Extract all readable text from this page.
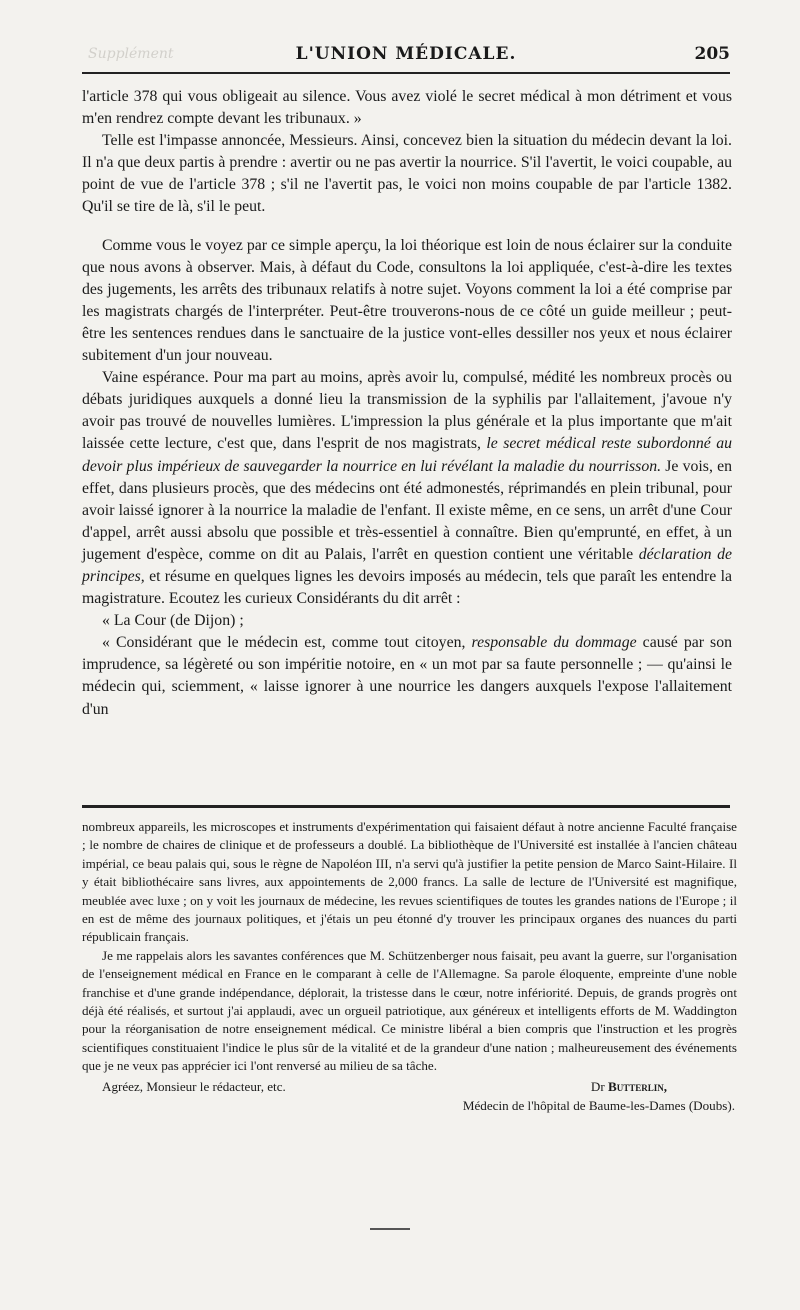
Supplément	L'UNION MÉDICALE.	205

l'article 378 qui vous obligeait au silence. Vous avez violé le secret médical à mon détriment et vous m'en rendrez compte devant les tribunaux. »

Telle est l'impasse annoncée, Messieurs. Ainsi, concevez bien la situation du médecin devant la loi. Il n'a que deux partis à prendre : avertir ou ne pas avertir la nourrice. S'il l'avertit, le voici coupable, au point de vue de l'article 378 ; s'il ne l'avertit pas, le voici non moins coupable de par l'article 1382. Qu'il se tire de là, s'il le peut.

Comme vous le voyez par ce simple aperçu, la loi théorique est loin de nous éclairer sur la conduite que nous avons à observer. Mais, à défaut du Code, consultons la loi appliquée, c'est-à-dire les textes des jugements, les arrêts des tribunaux relatifs à notre sujet. Voyons comment la loi a été comprise par les magistrats chargés de l'interpréter. Peut-être trouverons-nous de ce côté un guide meilleur ; peut-être les sentences rendues dans le sanctuaire de la justice vont-elles dessiller nos yeux et nous éclairer subitement d'un jour nouveau.

Vaine espérance. Pour ma part au moins, après avoir lu, compulsé, médité les nombreux procès ou débats juridiques auxquels a donné lieu la transmission de la syphilis par l'allaitement, j'avoue n'y avoir pas trouvé de nouvelles lumières. L'impression la plus générale et la plus importante que m'ait laissée cette lecture, c'est que, dans l'esprit de nos magistrats, le secret médical reste subordonné au devoir plus impérieux de sauvegarder la nourrice en lui révélant la maladie du nourrisson. Je vois, en effet, dans plusieurs procès, que des médecins ont été admonestés, réprimandés en plein tribunal, pour avoir laissé ignorer à la nourrice la maladie de l'enfant. Il existe même, en ce sens, un arrêt d'une Cour d'appel, arrêt aussi absolu que possible et très-essentiel à connaître. Bien qu'emprunté, en effet, à un jugement d'espèce, comme on dit au Palais, l'arrêt en question contient une véritable déclaration de principes, et résume en quelques lignes les devoirs imposés au médecin, tels que paraît les entendre la magistrature. Ecoutez les curieux Considérants du dit arrêt :

« La Cour (de Dijon) ;

« Considérant que le médecin est, comme tout citoyen, responsable du dommage causé par son imprudence, sa légèreté ou son impéritie notoire, en « un mot par sa faute personnelle ; — qu'ainsi le médecin qui, sciemment, « laisse ignorer à une nourrice les dangers auxquels l'expose l'allaitement d'un

nombreux appareils, les microscopes et instruments d'expérimentation qui faisaient défaut à notre ancienne Faculté française ; le nombre de chaires de clinique et de professeurs a doublé. La bibliothèque de l'Université est installée à l'ancien château impérial, ce beau palais qui, sous le règne de Napoléon III, n'a servi qu'à justifier la petite pension de Marco Saint-Hilaire. Il y était bibliothécaire sans livres, aux appointements de 2,000 francs. La salle de lecture de l'Université est magnifique, meublée avec luxe ; on y voit les journaux de médecine, les revues scientifiques de toutes les grandes nations de l'Europe ; il en est de même des journaux politiques, et j'étais un peu étonné d'y trouver les principaux organes des nuances du parti républicain français.

Je me rappelais alors les savantes conférences que M. Schützenberger nous faisait, peu avant la guerre, sur l'organisation de l'enseignement médical en France en le comparant à celle de l'Allemagne. Sa parole éloquente, empreinte d'une noble franchise et d'une grande indépendance, déplorait, la tristesse dans le cœur, notre infériorité. Depuis, de grands progrès ont déjà été réalisés, et surtout j'ai applaudi, avec un orgueil patriotique, aux généreux et intelligents efforts de M. Waddington pour la réorganisation de notre enseignement médical. Ce ministre libéral a bien compris que l'instruction et les progrès scientifiques constituaient l'indice le plus sûr de la vitalité et de la grandeur d'une nation ; malheureusement des événements que je ne veux pas apprécier ici l'ont renversé au milieu de sa tâche.

Agréez, Monsieur le rédacteur, etc.	Dr Butterlin,
Médecin de l'hôpital de Baume-les-Dames (Doubs).
